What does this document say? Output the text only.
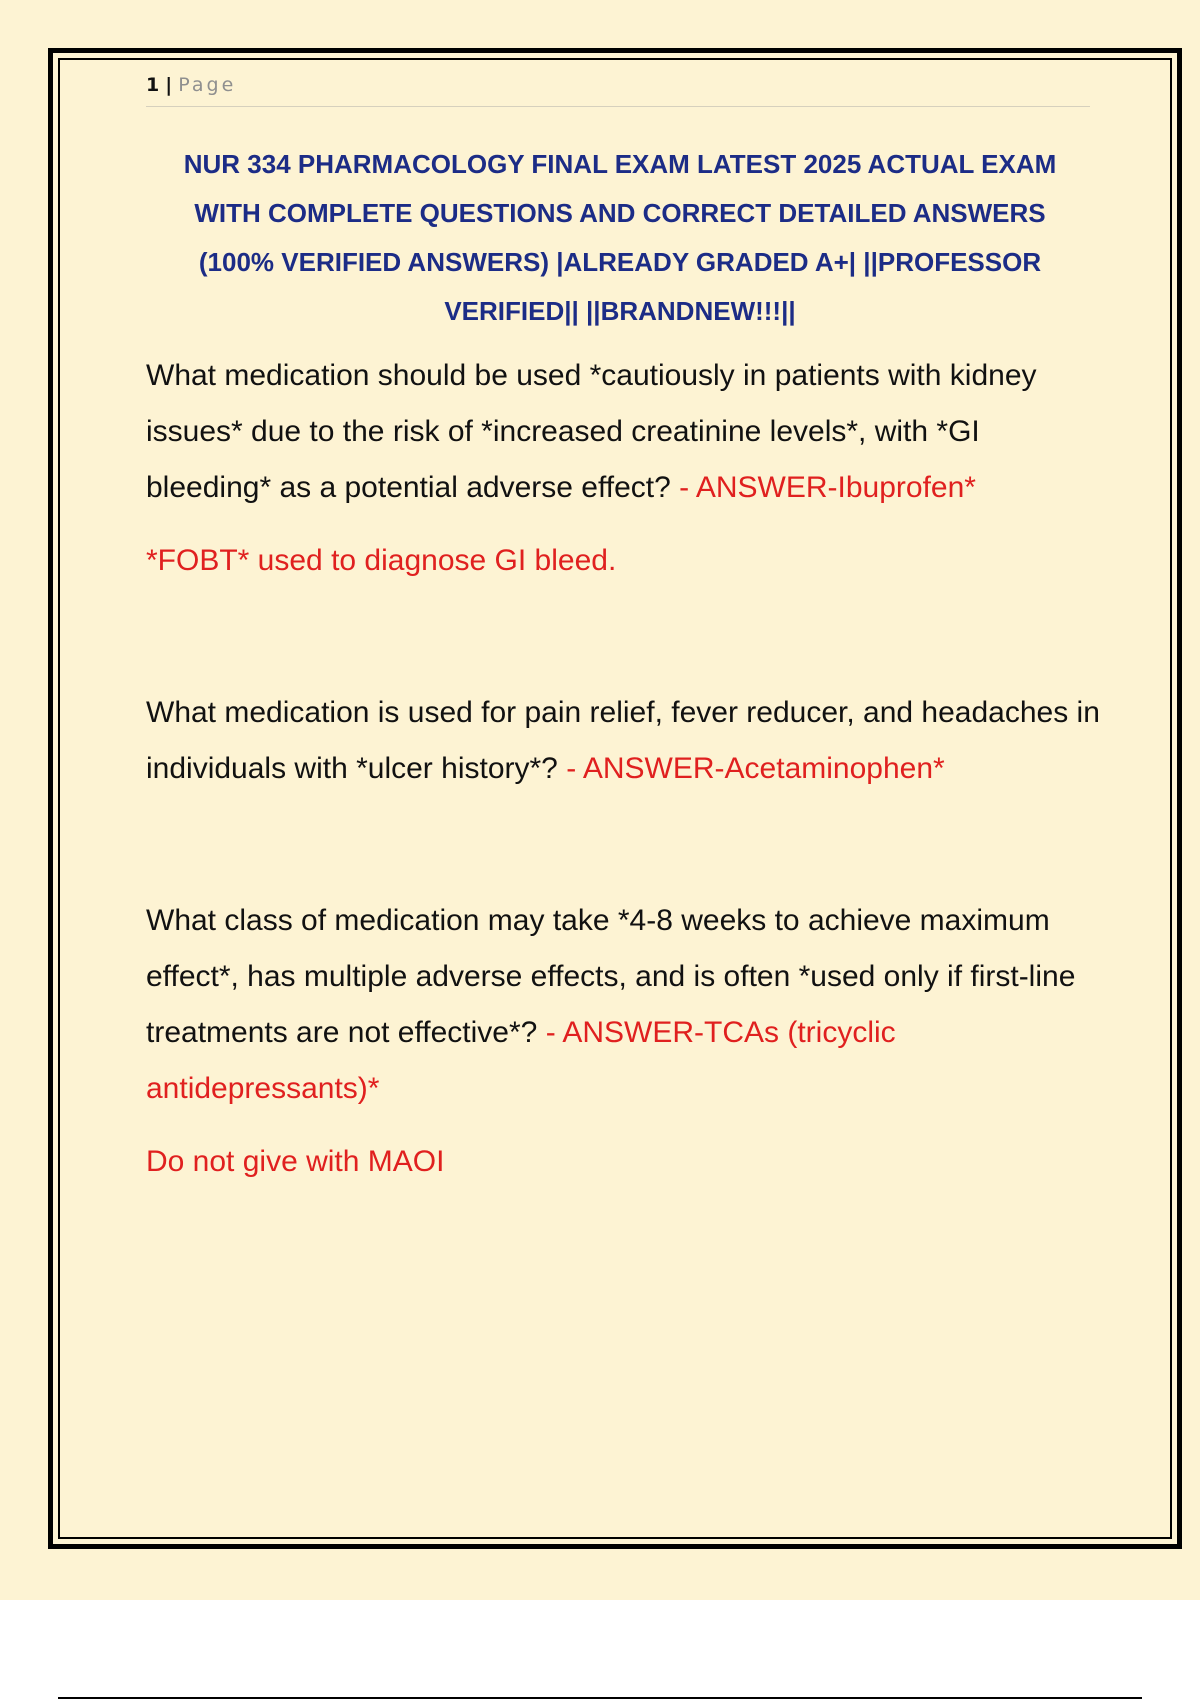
1 | Page
NUR 334 PHARMACOLOGY FINAL EXAM LATEST 2025 ACTUAL EXAM WITH COMPLETE QUESTIONS AND CORRECT DETAILED ANSWERS (100% VERIFIED ANSWERS) |ALREADY GRADED A+| ||PROFESSOR VERIFIED|| ||BRANDNEW!!!||

What medication should be used *cautiously in patients with kidney issues* due to the risk of *increased creatinine levels*, with *GI bleeding* as a potential adverse effect? - ANSWER-Ibuprofen*

*FOBT* used to diagnose GI bleed.

What medication is used for pain relief, fever reducer, and headaches in individuals with *ulcer history*? - ANSWER-Acetaminophen*

What class of medication may take *4-8 weeks to achieve maximum effect*, has multiple adverse effects, and is often *used only if first-line treatments are not effective*? - ANSWER-TCAs (tricyclic antidepressants)*

Do not give with MAOI
